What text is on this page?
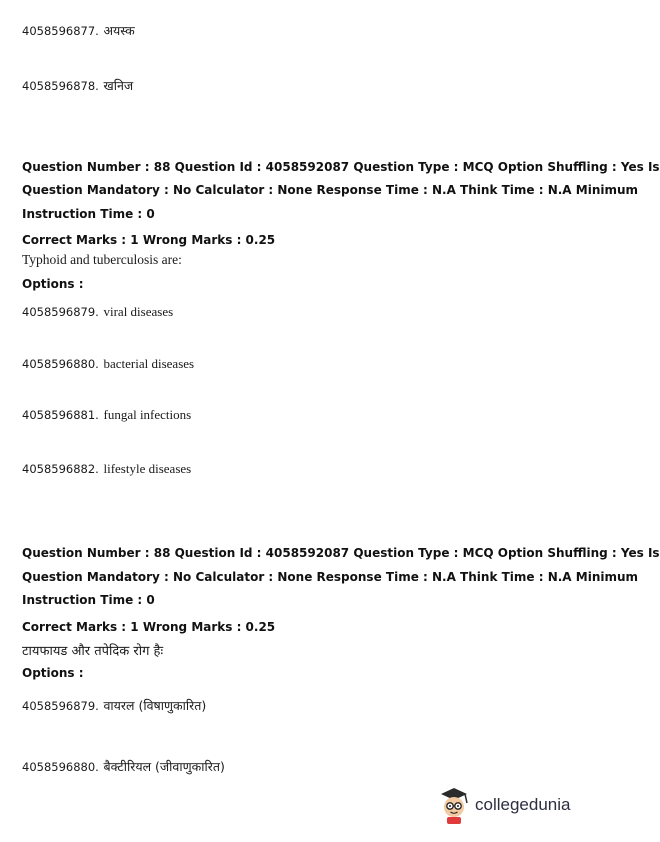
4058596877. अयस्क
4058596878. खनिज
Question Number : 88 Question Id : 4058592087 Question Type : MCQ Option Shuffling : Yes Is
Question Mandatory : No Calculator : None Response Time : N.A Think Time : N.A Minimum
Instruction Time : 0
Correct Marks : 1 Wrong Marks : 0.25
Typhoid and tuberculosis are:
Options :
4058596879. viral diseases
4058596880. bacterial diseases
4058596881. fungal infections
4058596882. lifestyle diseases
Question Number : 88 Question Id : 4058592087 Question Type : MCQ Option Shuffling : Yes Is
Question Mandatory : No Calculator : None Response Time : N.A Think Time : N.A Minimum
Instruction Time : 0
Correct Marks : 1 Wrong Marks : 0.25
टायफायड और तपेदिक रोग हैः
Options :
4058596879. वायरल (विषाणुकारित)
4058596880. बैक्टीरियल (जीवाणुकारित)
collegedunia
